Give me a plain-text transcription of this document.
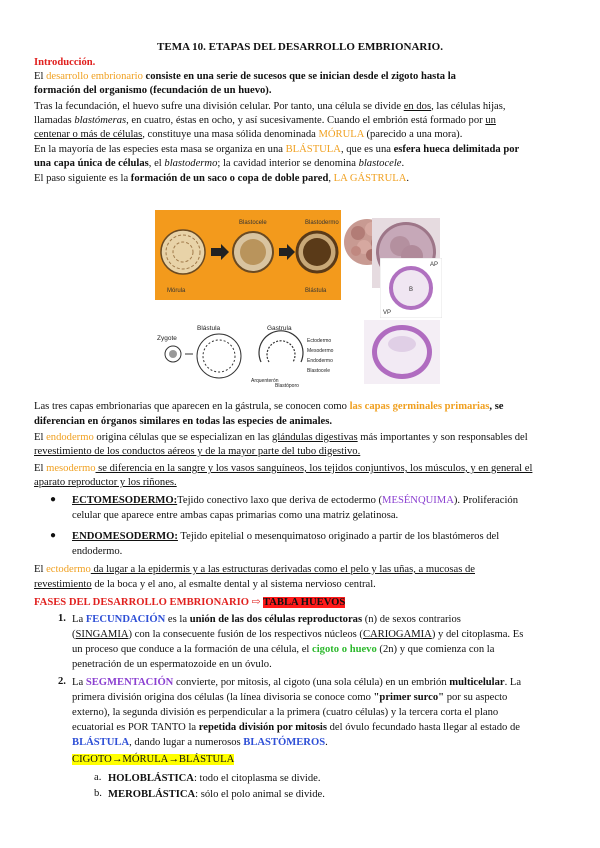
TEMA 10. ETAPAS DEL DESARROLLO EMBRIONARIO.
Introducción.
El desarrollo embrionario consiste en una serie de sucesos que se inician desde el zigoto hasta la
formación del organismo (fecundación de un huevo).
Tras la fecundación, el huevo sufre una división celular. Por tanto, una célula se divide en dos, las células hijas,
llamadas blastómeras, en cuatro, éstas en ocho, y así sucesivamente. Cuando el embrión está formado por un
centenar o más de células, constituye una masa sólida denominada MÓRULA (parecido a una mora).
En la mayoría de las especies esta masa se organiza en una BLÁSTULA, que es una esfera hueca delimitada por
una capa única de células, el blastodermo; la cavidad interior se denomina blastocele.
El paso siguiente es la formación de un saco o copa de doble pared, LA GÁSTRULA.
Mórula
Blastocele	Blastodermo
Blástula
AP
B
VP
Zygote
Blástula	Gastrula
Ectodermo
Mesodermo
Endodermo
Blastocele
Arquenterón
Blastóporo
Las tres capas embrionarias que aparecen en la gástrula, se conocen como las capas germinales primarias, se
diferencian en órganos similares en todas las especies de animales.
El endodermo origina células que se especializan en las glándulas digestivas más importantes y son responsables del
revestimiento de los conductos aéreos y de la mayor parte del tubo digestivo.
El mesodermo se diferencia en la sangre y los vasos sanguíneos, los tejidos conjuntivos, los músculos, y en general el
aparato reproductor y los riñones.
● ECTOMESODERMO:Tejido conectivo laxo que deriva de ectodermo (MESÉNQUIMA). Proliferación
celular que aparece entre ambas capas primarias como una matriz gelatinosa.
● ENDOMESODERMO: Tejido epitelial o mesenquimatoso originado a partir de los blastómeros del
endodermo.
El ectodermo da lugar a la epidermis y a las estructuras derivadas como el pelo y las uñas, a mucosas de
revestimiento de la boca y el ano, al esmalte dental y al sistema nervioso central.
FASES DEL DESARROLLO EMBRIONARIO ⇨ TABLA HUEVOS
1. La FECUNDACIÓN es la unión de las dos células reproductoras (n) de sexos contrarios
(SINGAMIA) con la consecuente fusión de los respectivos núcleos (CARIOGAMIA) y del citoplasma. Es
un proceso que conduce a la formación de una célula, el cigoto o huevo (2n) y que comienza con la
penetración de un espermatozoide en un óvulo.
2. La SEGMENTACIÓN convierte, por mitosis, al cigoto (una sola célula) en un embrión multicelular. La
primera división origina dos células (la línea divisoria se conoce como "primer surco" por su aspecto
externo), la segunda división es perpendicular a la primera (cuatro células) y la tercera corta el plano
ecuatorial es POR TANTO la repetida división por mitosis del óvulo fecundado hasta llegar al estado de
BLÁSTULA, dando lugar a numerosos BLASTÓMEROS.
CIGOTO→MÓRULA→BLÁSTULA
a. HOLOBLÁSTICA: todo el citoplasma se divide.
b. MEROBLÁSTICA: sólo el polo animal se divide.
